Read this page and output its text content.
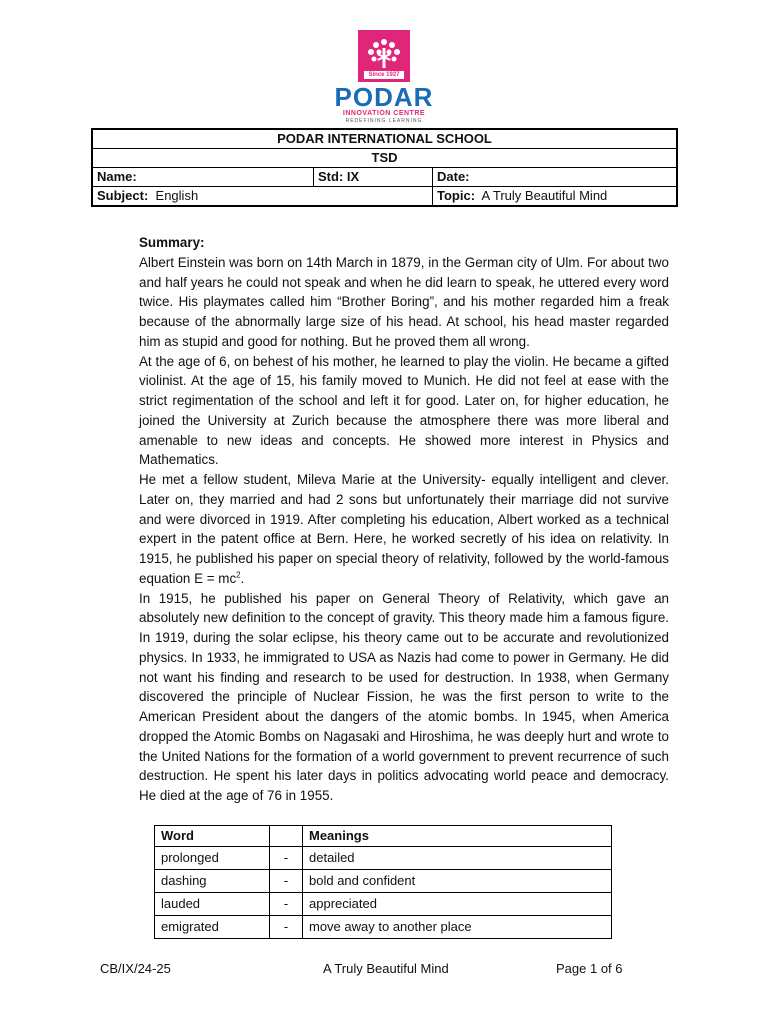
Since 1927
PODAR
INNOVATION CENTRE
REDEFINING LEARNING
PODAR INTERNATIONAL SCHOOL		
TSD		
Name:	Std: IX	Date:
Subject: English		Topic: A Truly Beautiful Mind

Summary:

Albert Einstein was born on 14th March in 1879, in the German city of Ulm. For about two and half years he could not speak and when he did learn to speak, he uttered every word twice. His playmates called him “Brother Boring”, and his mother regarded him a freak because of the abnormally large size of his head. At school, his head master regarded him as stupid and good for nothing. But he proved them all wrong.

At the age of 6, on behest of his mother, he learned to play the violin. He became a gifted violinist. At the age of 15, his family moved to Munich. He did not feel at ease with the strict regimentation of the school and left it for good. Later on, for higher education, he joined the University at Zurich because the atmosphere there was more liberal and amenable to new ideas and concepts. He showed more interest in Physics and Mathematics.

He met a fellow student, Mileva Marie at the University- equally intelligent and clever. Later on, they married and had 2 sons but unfortunately their marriage did not survive and were divorced in 1919. After completing his education, Albert worked as a technical expert in the patent office at Bern. Here, he worked secretly of his idea on relativity. In 1915, he published his paper on special theory of relativity, followed by the world-famous equation $E = mc^2$.

In 1915, he published his paper on General Theory of Relativity, which gave an absolutely new definition to the concept of gravity. This theory made him a famous figure. In 1919, during the solar eclipse, his theory came out to be accurate and revolutionized physics. In 1933, he immigrated to USA as Nazis had come to power in Germany. He did not want his finding and research to be used for destruction. In 1938, when Germany discovered the principle of Nuclear Fission, he was the first person to write to the American President about the dangers of the atomic bombs. In 1945, when America dropped the Atomic Bombs on Nagasaki and Hiroshima, he was deeply hurt and wrote to the United Nations for the formation of a world government to prevent recurrence of such destruction. He spent his later days in politics advocating world peace and democracy. He died at the age of 76 in 1955.

Word		Meanings
prolonged	-	detailed
dashing	-	bold and confident
lauded	-	appreciated
emigrated	-	move away to another place
CB/IX/24-25	A Truly Beautiful Mind	Page 1 of 6
